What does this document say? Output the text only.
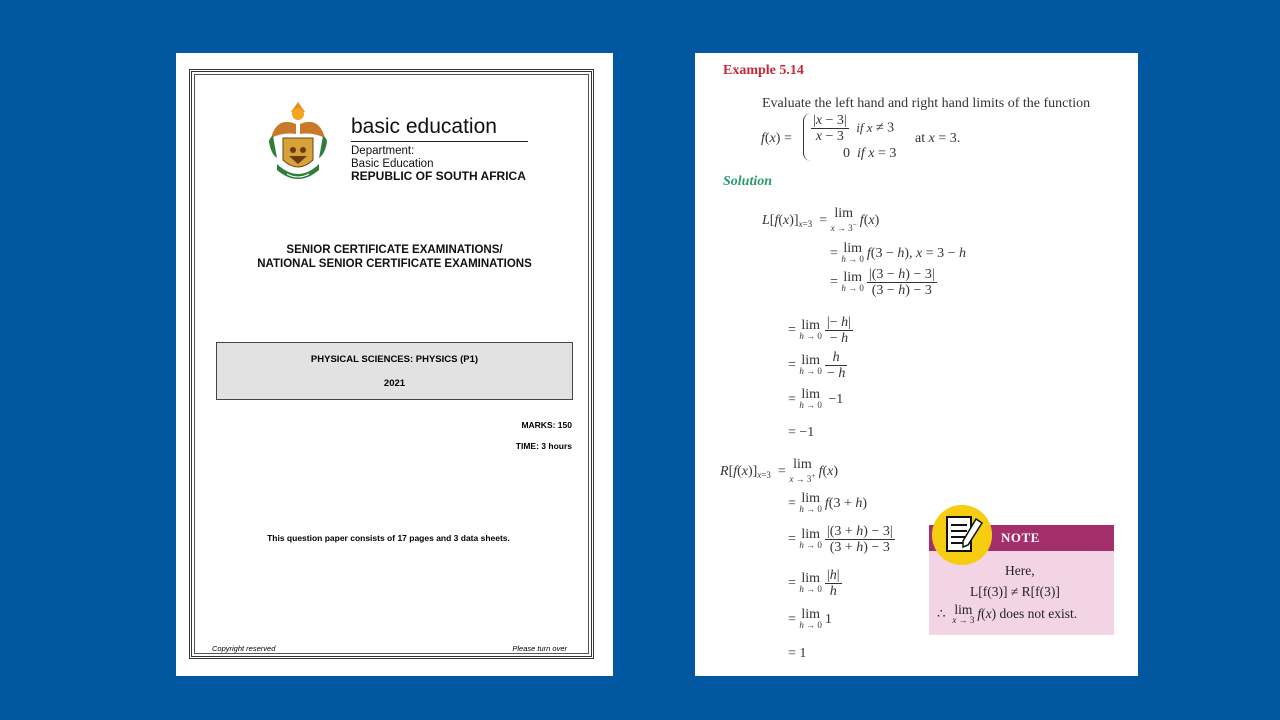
basic education
Department:
Basic Education
REPUBLIC OF SOUTH AFRICA
SENIOR CERTIFICATE EXAMINATIONS/
NATIONAL SENIOR CERTIFICATE EXAMINATIONS
PHYSICAL SCIENCES: PHYSICS (P1)
2021
MARKS: 150
TIME: 3 hours
This question paper consists of 17 pages and 3 data sheets.
Copyright reserved	Please turn over
Example 5.14
Evaluate the left hand and right hand limits of the function
$f(x) = \frac{|x - 3|}{x - 3}$ if x ≠ 3
0  if x = 3
at x = 3.
Solution
$L[f(x)]_{x=3} = \lim$
x → 3− f(x)
= lim
h → 0 f(3 − h), x = 3 − h
= lim
$h \to 0 \frac{|(3 - h) - 3|}{(3 - h) - 3}$
= lim
$h \to 0 \frac{|- h|}{- h}$
= lim
$h \to 0 \frac{h}{- h}$
= lim
h → 0 −1
= −1
$R[f(x)]_{x=3} = \lim$
x → 3+ f(x)
= lim
h → 0 f(3 + h)
= lim
$h \to 0 \frac{|(3 + h) - 3|}{(3 + h) - 3}$
= lim
$h \to 0 \frac{|h|}{h}$
= lim
h → 0 1
= 1
NOTE
Here,
L[f(3)] ≠ R[f(3)]
∴  lim
x → 3 f(x) does not exist.
